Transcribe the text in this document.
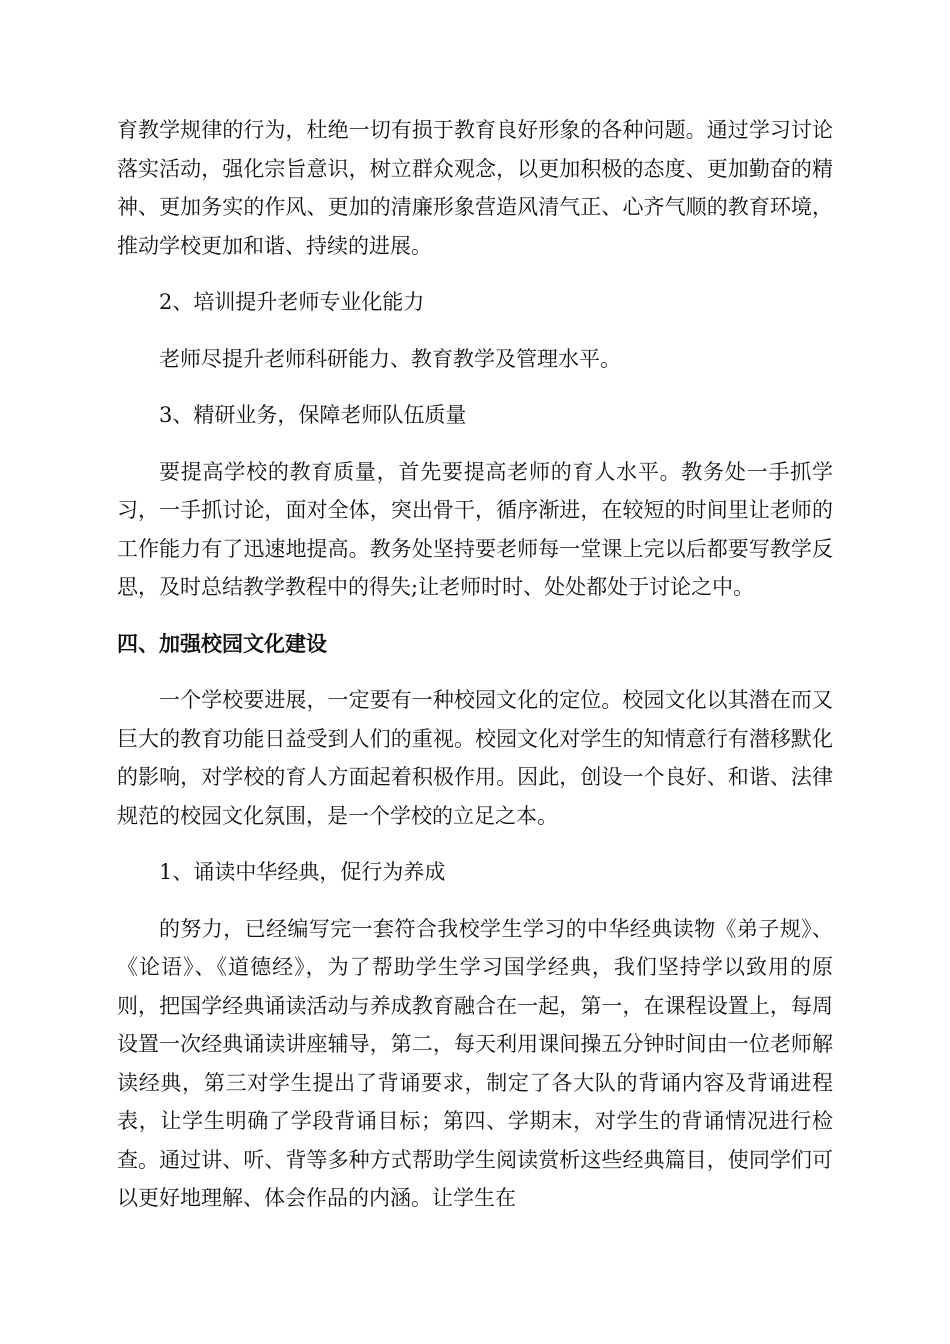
育教学规律的行为，杜绝一切有损于教育良好形象的各种问题。通过学习讨论落实活动，强化宗旨意识，树立群众观念，以更加积极的态度、更加勤奋的精神、更加务实的作风、更加的清廉形象营造风清气正、心齐气顺的教育环境，推动学校更加和谐、持续的进展。

2、培训提升老师专业化能力

老师尽提升老师科研能力、教育教学及管理水平。

3、精研业务，保障老师队伍质量

要提高学校的教育质量，首先要提高老师的育人水平。教务处一手抓学习，一手抓讨论，面对全体，突出骨干，循序渐进，在较短的时间里让老师的工作能力有了迅速地提高。教务处坚持要老师每一堂课上完以后都要写教学反思，及时总结教学教程中的得失;让老师时时、处处都处于讨论之中。

四、加强校园文化建设

一个学校要进展，一定要有一种校园文化的定位。校园文化以其潜在而又巨大的教育功能日益受到人们的重视。校园文化对学生的知情意行有潜移默化的影响，对学校的育人方面起着积极作用。因此，创设一个良好、和谐、法律规范的校园文化氛围，是一个学校的立足之本。

1、诵读中华经典，促行为养成

的努力，已经编写完一套符合我校学生学习的中华经典读物《弟子规》、《论语》、《道德经》，为了帮助学生学习国学经典，我们坚持学以致用的原则，把国学经典诵读活动与养成教育融合在一起，第一，在课程设置上，每周设置一次经典诵读讲座辅导，第二，每天利用课间操五分钟时间由一位老师解读经典，第三对学生提出了背诵要求，制定了各大队的背诵内容及背诵进程表，让学生明确了学段背诵目标；第四、学期末，对学生的背诵情况进行检查。通过讲、听、背等多种方式帮助学生阅读赏析这些经典篇目，使同学们可以更好地理解、体会作品的内涵。让学生在
